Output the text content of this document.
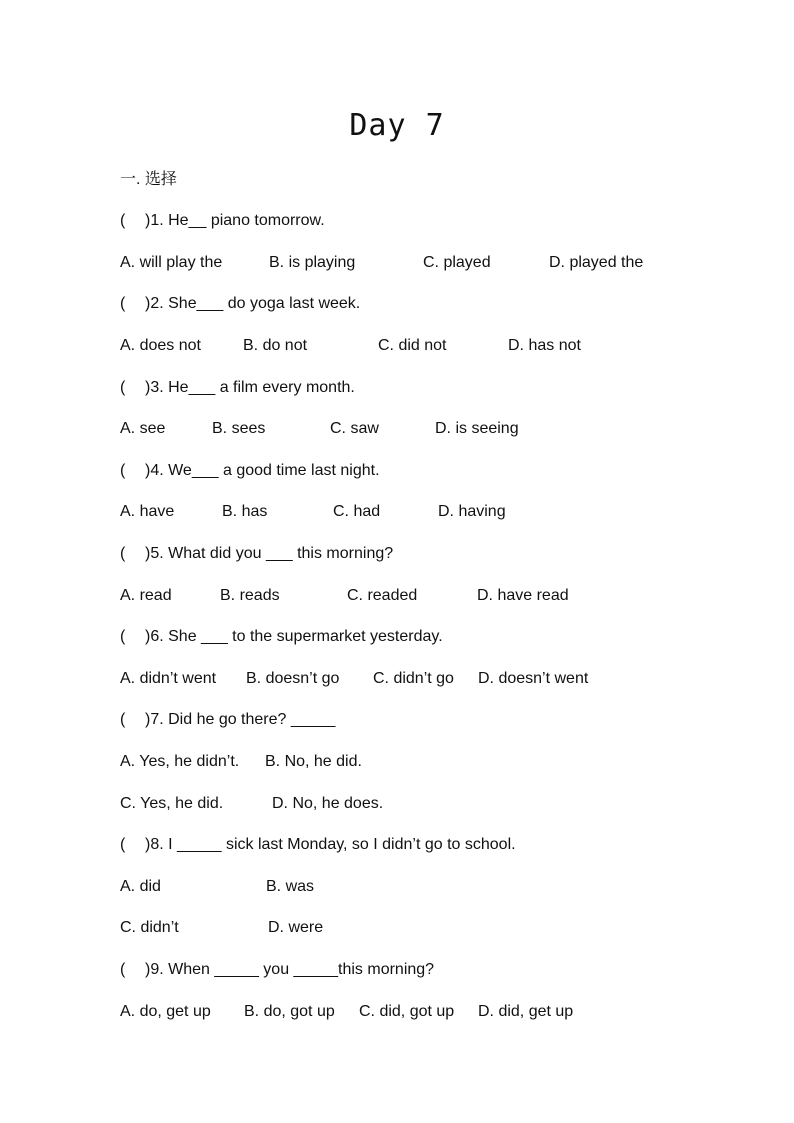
Day 7
一. 选择
(	)1. He__ piano tomorrow.
A. will play the	B. is playing	C. played	D. played the
(	)2. She___ do yoga last week.
A. does not	B. do not	C. did not	D. has not
(	)3. He___ a film every month.
A. see	B. sees	C. saw	D. is seeing
(	)4. We___ a good time last night.
A. have	B. has	C. had	D. having
(	)5. What did you ___ this morning?
A. read	B. reads	C. readed	D. have read
(	)6. She ___ to the supermarket yesterday.
A. didn’t went B. doesn’t go C. didn’t go D. doesn’t went
(	)7. Did he go there? _____
A. Yes, he didn’t. B. No, he did.
C. Yes, he did.	D. No, he does.
(	)8. I _____ sick last Monday, so I didn’t go to school.
A. did	B. was
C. didn’t	D. were
(	)9. When _____ you _____this morning?
A. do, get up B. do, got up C. did, got up D. did, get up
